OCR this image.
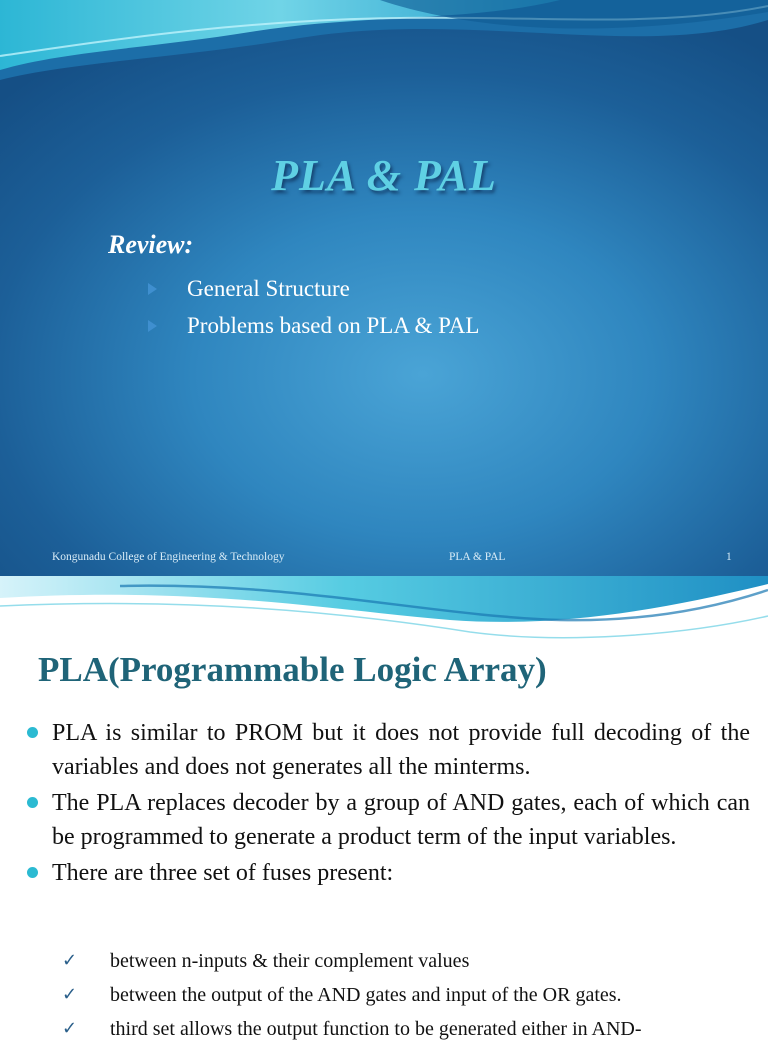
PLA & PAL
Review:
General Structure
Problems based on PLA & PAL
Kongunadu College of Engineering & Technology	PLA & PAL	1
PLA(Programmable Logic Array)
PLA is similar to PROM but it does not provide full decoding of the variables and does not generates all the minterms.
The PLA replaces decoder by a group of AND gates, each of which can be programmed to generate a product term of the input variables.
There are three set of fuses present:
✓ between n-inputs & their complement values
✓ between the output of the AND gates and input of the OR gates.
✓ third set allows the output function to be generated either in AND-
